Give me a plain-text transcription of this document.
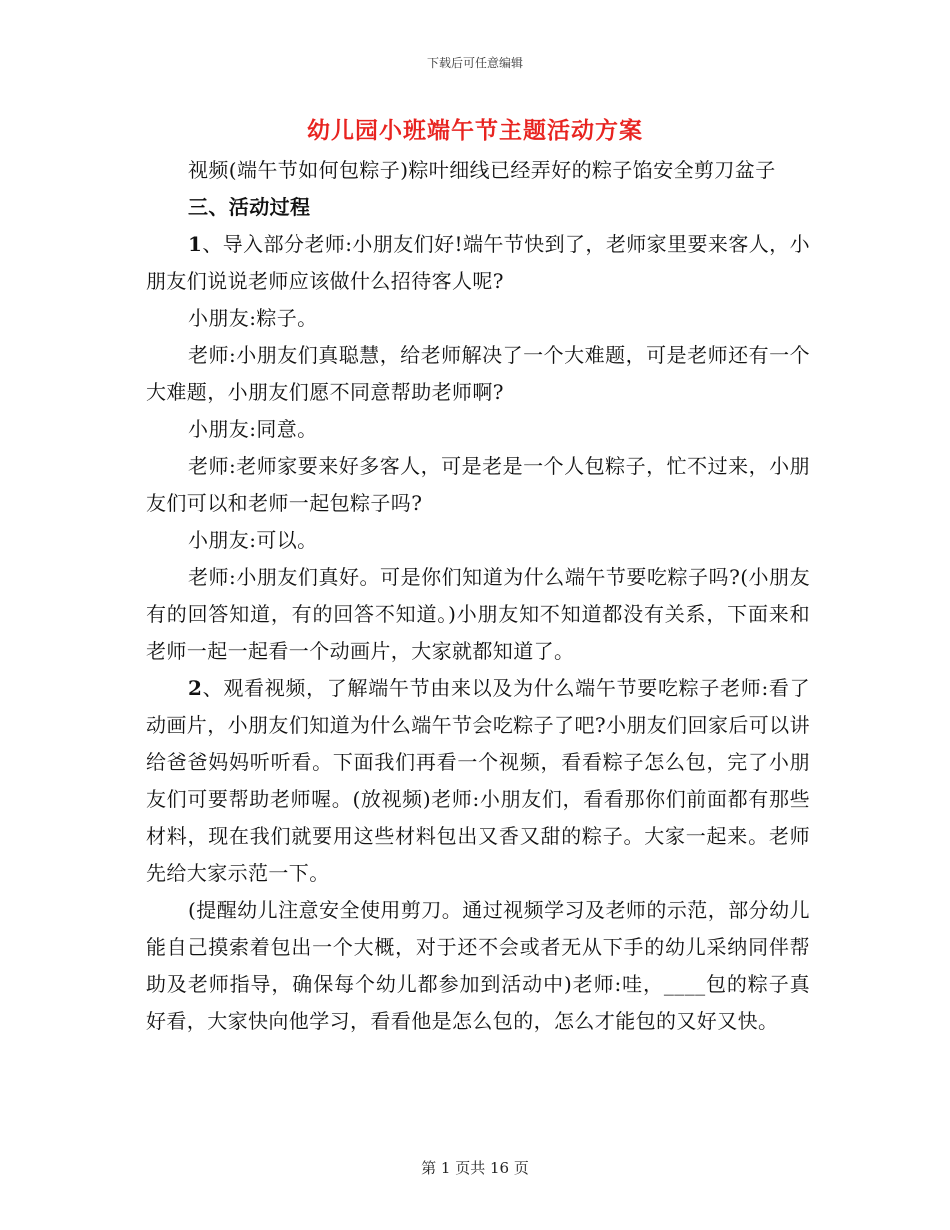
下载后可任意编辑
幼儿园小班端午节主题活动方案

视频(端午节如何包粽子)粽叶细线已经弄好的粽子馅安全剪刀盆子

三、活动过程

1、导入部分老师:小朋友们好!端午节快到了，老师家里要来客人，小朋友们说说老师应该做什么招待客人呢?

小朋友:粽子。

老师:小朋友们真聪慧，给老师解决了一个大难题，可是老师还有一个大难题，小朋友们愿不同意帮助老师啊?

小朋友:同意。

老师:老师家要来好多客人，可是老是一个人包粽子，忙不过来，小朋友们可以和老师一起包粽子吗?

小朋友:可以。

老师:小朋友们真好。可是你们知道为什么端午节要吃粽子吗?(小朋友有的回答知道，有的回答不知道。)小朋友知不知道都没有关系，下面来和老师一起一起看一个动画片，大家就都知道了。

2、观看视频，了解端午节由来以及为什么端午节要吃粽子老师:看了动画片，小朋友们知道为什么端午节会吃粽子了吧?小朋友们回家后可以讲给爸爸妈妈听听看。下面我们再看一个视频，看看粽子怎么包，完了小朋友们可要帮助老师喔。(放视频)老师:小朋友们，看看那你们前面都有那些材料，现在我们就要用这些材料包出又香又甜的粽子。大家一起来。老师先给大家示范一下。

(提醒幼儿注意安全使用剪刀。通过视频学习及老师的示范，部分幼儿能自己摸索着包出一个大概，对于还不会或者无从下手的幼儿采纳同伴帮助及老师指导，确保每个幼儿都参加到活动中)老师:哇，____包的粽子真好看，大家快向他学习，看看他是怎么包的，怎么才能包的又好又快。

第 1 页共 16 页
